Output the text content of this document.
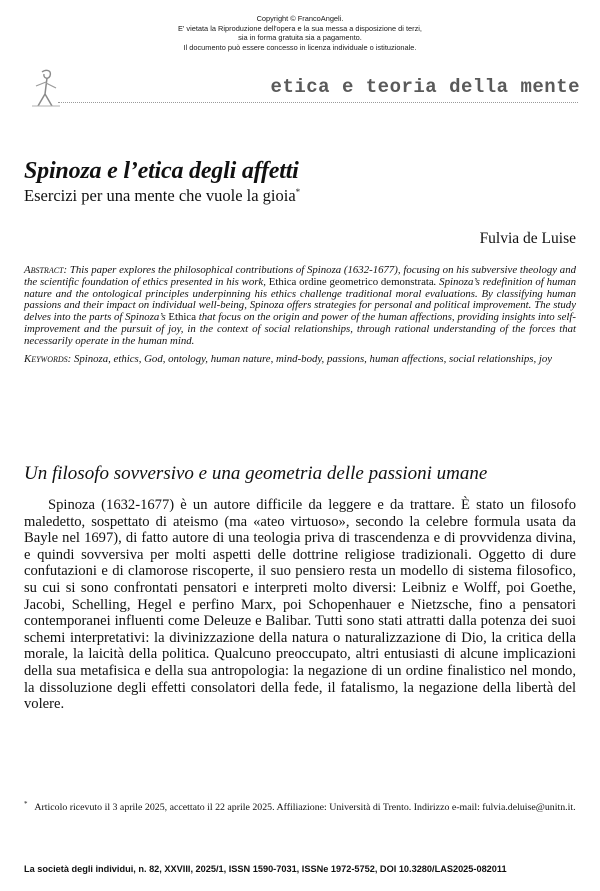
Copyright © FrancoAngeli.
E' vietata la Riproduzione dell'opera e la sua messa a disposizione di terzi,
sia in forma gratuita sia a pagamento.
Il documento può essere concesso in licenza individuale o istituzionale.
etica e teoria della mente
Spinoza e l’etica degli affetti
Esercizi per una mente che vuole la gioia*
Fulvia de Luise

Abstract: This paper explores the philosophical contributions of Spinoza (1632-1677), focusing on his subversive theology and the scientific foundation of ethics presented in his work, Ethica ordine geometrico demonstrata. Spinoza’s redefinition of human nature and the ontological principles underpinning his ethics challenge traditional moral evaluations. By classifying human passions and their impact on individual well-being, Spinoza offers strategies for personal and political improvement. The study delves into the parts of Spinoza’s Ethica that focus on the origin and power of the human affections, providing insights into self-improvement and the pursuit of joy, in the context of social relationships, through rational understanding of the forces that necessarily operate in the human mind.

Keywords: Spinoza, ethics, God, ontology, human nature, mind-body, passions, human affections, social relationships, joy

Un filosofo sovversivo e una geometria delle passioni umane

Spinoza (1632-1677) è un autore difficile da leggere e da trattare. È stato un filosofo maledetto, sospettato di ateismo (ma «ateo virtuoso», secondo la celebre formula usata da Bayle nel 1697), di fatto autore di una teologia priva di trascendenza e di provvidenza divina, e quindi sovversiva per molti aspetti delle dottrine religiose tradizionali. Oggetto di dure confutazioni e di clamorose riscoperte, il suo pensiero resta un modello di sistema filosofico, su cui si sono confrontati pensatori e interpreti molto diversi: Leibniz e Wolff, poi Goethe, Jacobi, Schelling, Hegel e perfino Marx, poi Schopenhauer e Nietzsche, fino a pensatori contemporanei influenti come Deleuze e Balibar. Tutti sono stati attratti dalla potenza dei suoi schemi interpretativi: la divinizzazione della natura o naturalizzazione di Dio, la critica della morale, la laicità della politica. Qualcuno preoccupato, altri entusiasti di alcune implicazioni della sua metafisica e della sua antropologia: la negazione di un ordine finalistico nel mondo, la dissoluzione degli effetti consolatori della fede, il fatalismo, la negazione della libertà del volere.

* Articolo ricevuto il 3 aprile 2025, accettato il 22 aprile 2025. Affiliazione: Università di Trento. Indirizzo e-mail: fulvia.deluise@unitn.it.
La società degli individui, n. 82, XXVIII, 2025/1, ISSN 1590-7031, ISSNe 1972-5752, DOI 10.3280/LAS2025-082011
